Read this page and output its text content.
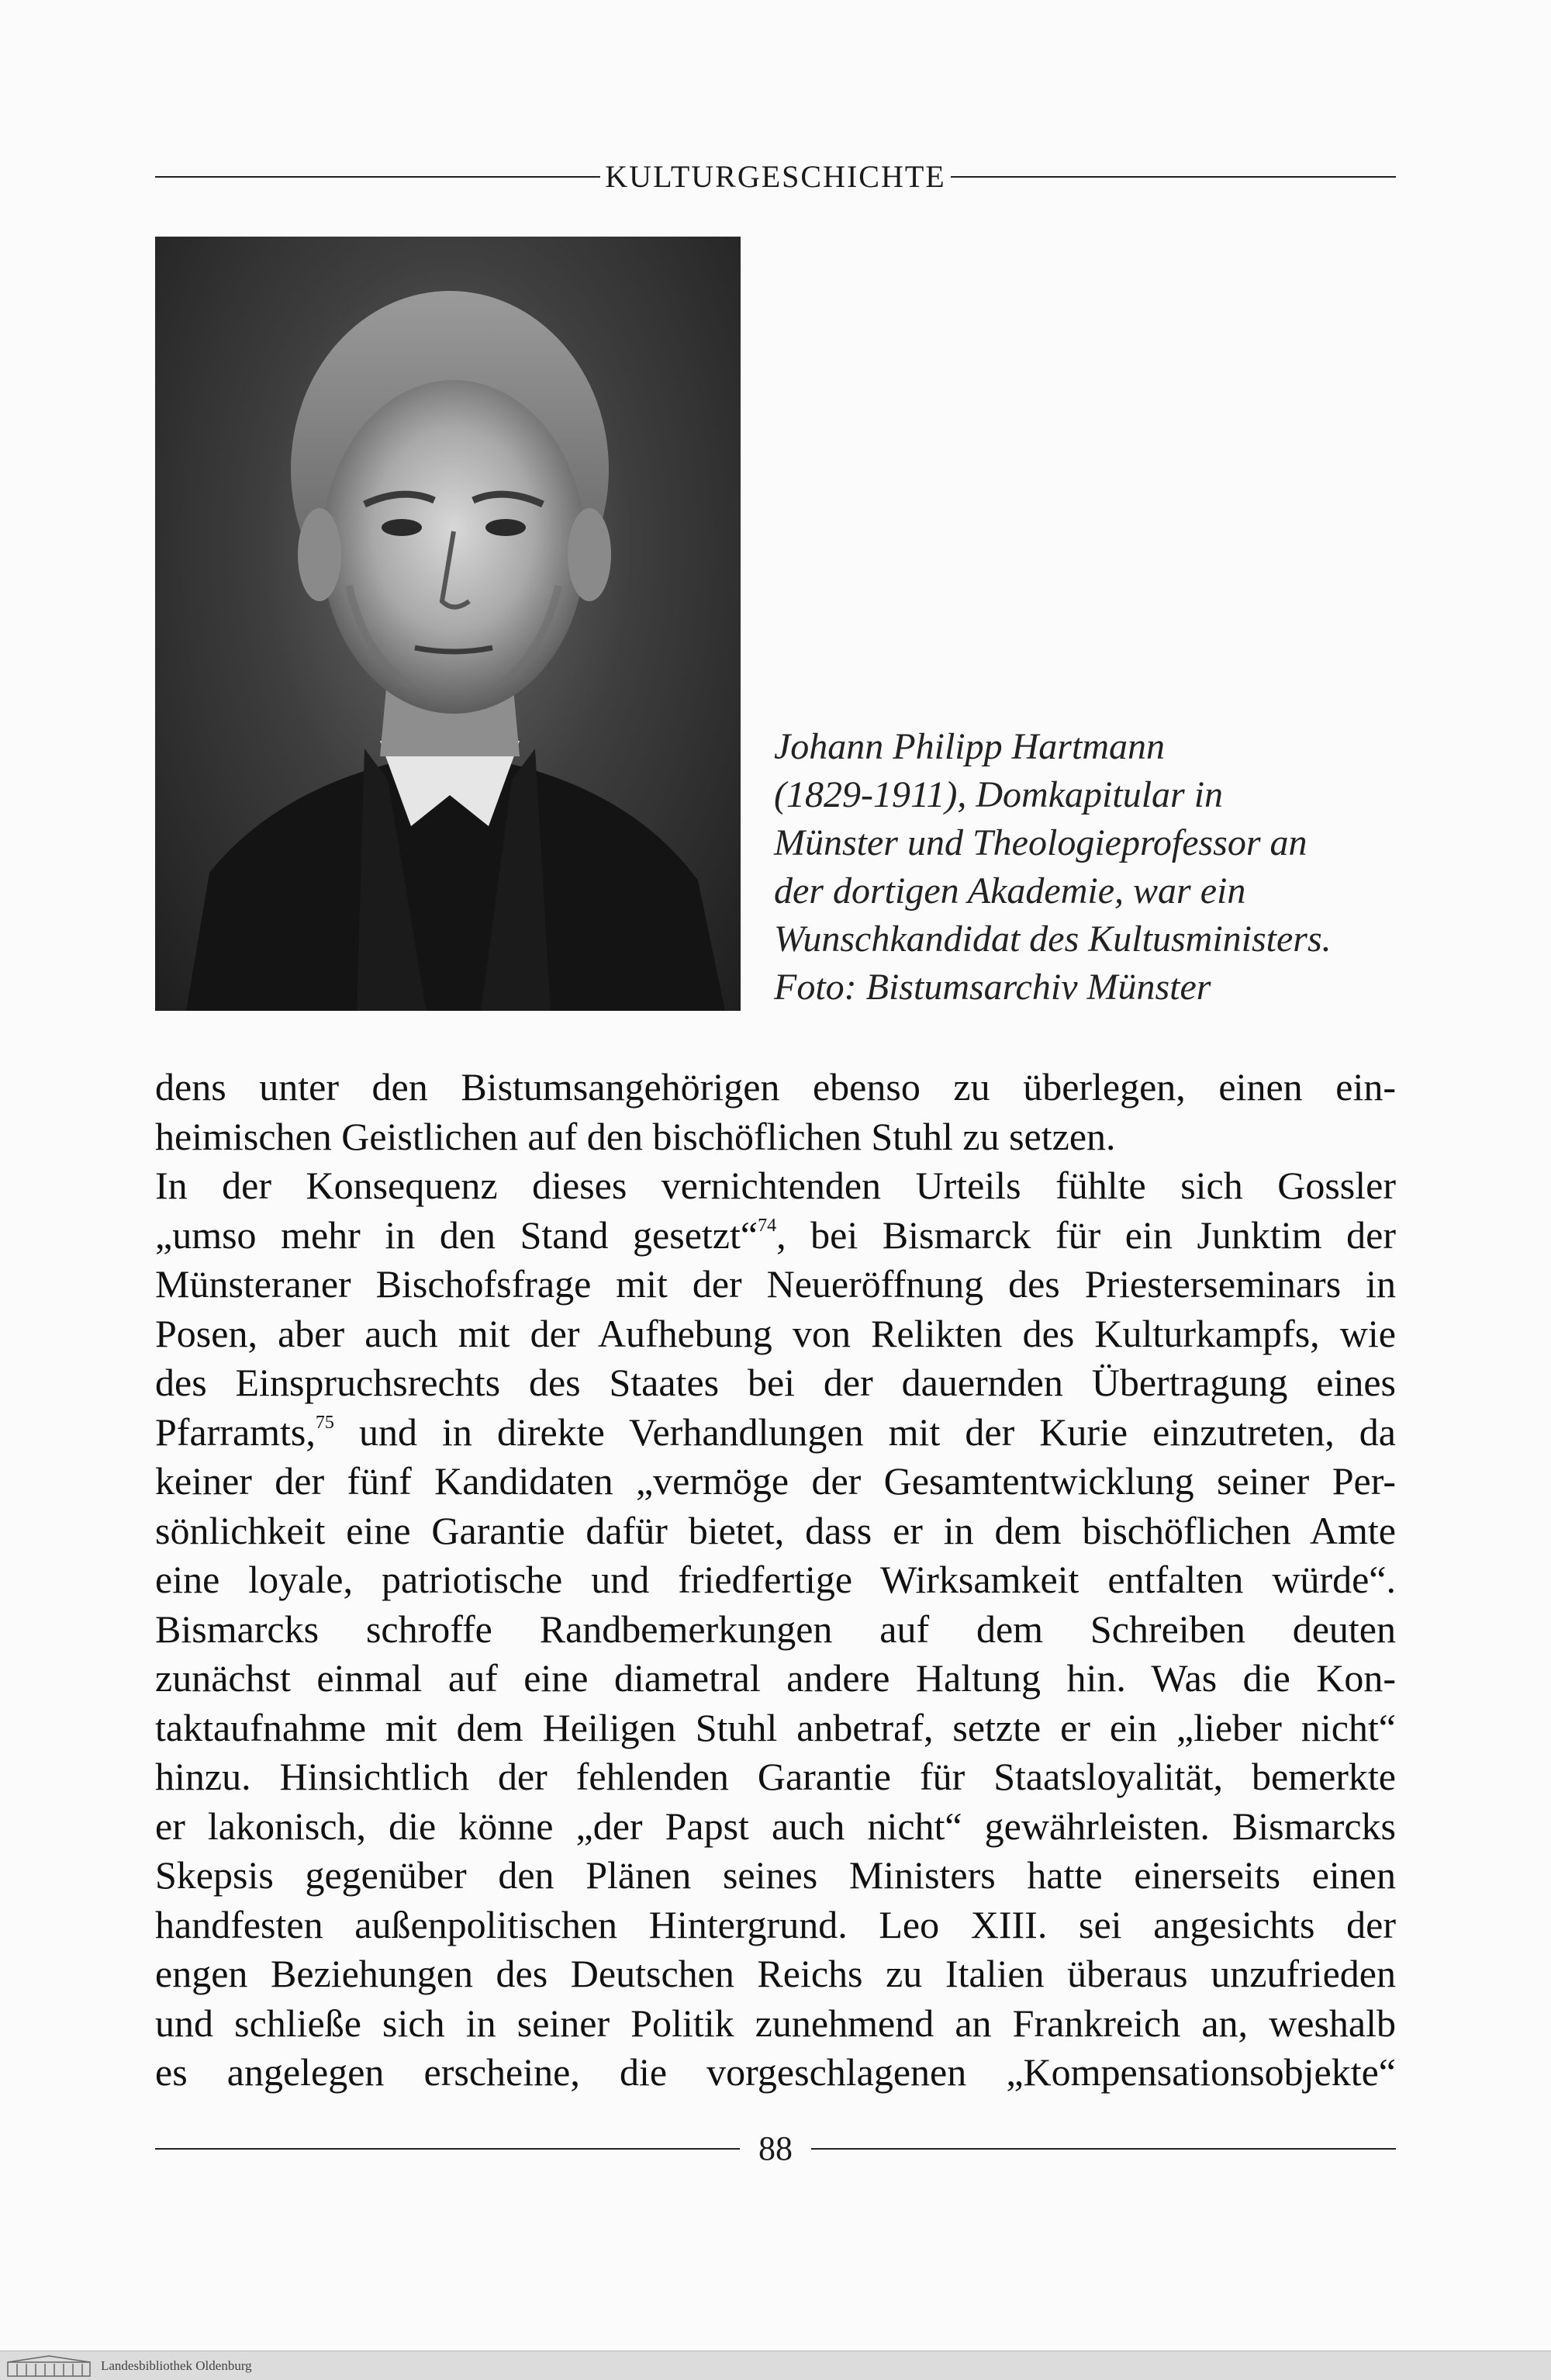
KULTURGESCHICHTE
Johann Philipp Hartmann
(1829-1911), Domkapitular in
Münster und Theologieprofessor an
der dortigen Akademie, war ein
Wunschkandidat des Kultusministers.
Foto: Bistumsarchiv Münster
dens unter den Bistumsangehörigen ebenso zu überlegen, einen ein-
heimischen Geistlichen auf den bischöflichen Stuhl zu setzen.
In der Konsequenz dieses vernichtenden Urteils fühlte sich Gossler
„umso mehr in den Stand gesetzt“$^{74}$, bei Bismarck für ein Junktim der
Münsteraner Bischofsfrage mit der Neueröffnung des Priesterseminars in
Posen, aber auch mit der Aufhebung von Relikten des Kulturkampfs, wie
des Einspruchsrechts des Staates bei der dauernden Übertragung eines
Pfarramts,$^{75}$ und in direkte Verhandlungen mit der Kurie einzutreten, da
keiner der fünf Kandidaten „vermöge der Gesamtentwicklung seiner Per-
sönlichkeit eine Garantie dafür bietet, dass er in dem bischöflichen Amte
eine loyale, patriotische und friedfertige Wirksamkeit entfalten würde“.
Bismarcks schroffe Randbemerkungen auf dem Schreiben deuten
zunächst einmal auf eine diametral andere Haltung hin. Was die Kon-
taktaufnahme mit dem Heiligen Stuhl anbetraf, setzte er ein „lieber nicht“
hinzu. Hinsichtlich der fehlenden Garantie für Staatsloyalität, bemerkte
er lakonisch, die könne „der Papst auch nicht“ gewährleisten. Bismarcks
Skepsis gegenüber den Plänen seines Ministers hatte einerseits einen
handfesten außenpolitischen Hintergrund. Leo XIII. sei angesichts der
engen Beziehungen des Deutschen Reichs zu Italien überaus unzufrieden
und schließe sich in seiner Politik zunehmend an Frankreich an, weshalb
es angelegen erscheine, die vorgeschlagenen „Kompensationsobjekte“
88
Landesbibliothek Oldenburg
